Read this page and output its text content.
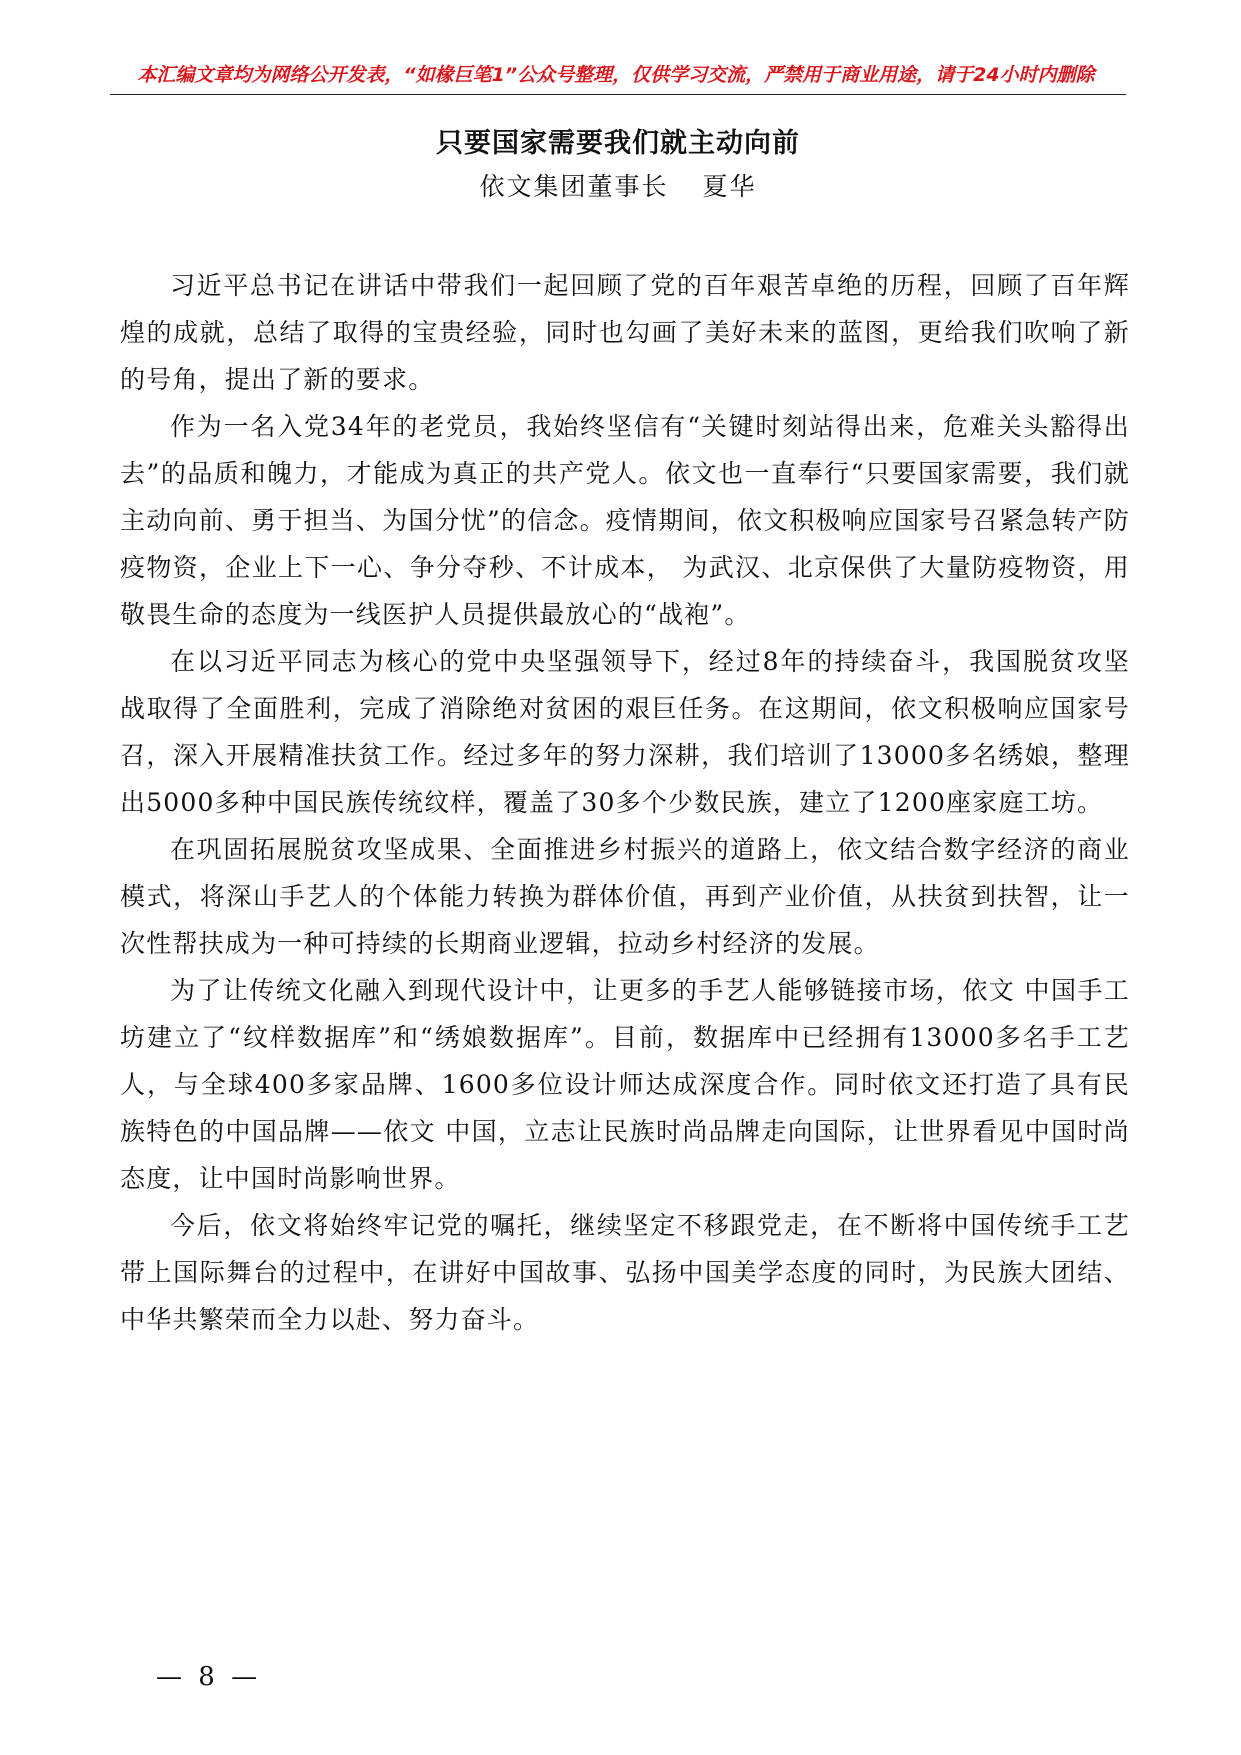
本汇编文章均为网络公开发表，“如椽巨笔1”公众号整理，仅供学习交流，严禁用于商业用途，请于24小时内删除
只要国家需要我们就主动向前
依文集团董事长 夏华

习近平总书记在讲话中带我们一起回顾了党的百年艰苦卓绝的历程，回顾了百年辉煌的成就，总结了取得的宝贵经验，同时也勾画了美好未来的蓝图，更给我们吹响了新的号角，提出了新的要求。

作为一名入党34年的老党员，我始终坚信有“关键时刻站得出来，危难关头豁得出去”的品质和魄力，才能成为真正的共产党人。依文也一直奉行“只要国家需要，我们就主动向前、勇于担当、为国分忧”的信念。疫情期间，依文积极响应国家号召紧急转产防疫物资，企业上下一心、争分夺秒、不计成本， 为武汉、北京保供了大量防疫物资，用敬畏生命的态度为一线医护人员提供最放心的“战袍”。

在以习近平同志为核心的党中央坚强领导下，经过8年的持续奋斗，我国脱贫攻坚战取得了全面胜利，完成了消除绝对贫困的艰巨任务。在这期间，依文积极响应国家号召，深入开展精准扶贫工作。经过多年的努力深耕，我们培训了13000多名绣娘，整理出5000多种中国民族传统纹样，覆盖了30多个少数民族，建立了1200座家庭工坊。

在巩固拓展脱贫攻坚成果、全面推进乡村振兴的道路上，依文结合数字经济的商业模式，将深山手艺人的个体能力转换为群体价值，再到产业价值，从扶贫到扶智，让一次性帮扶成为一种可持续的长期商业逻辑，拉动乡村经济的发展。

为了让传统文化融入到现代设计中，让更多的手艺人能够链接市场，依文 中国手工坊建立了“纹样数据库”和“绣娘数据库”。目前，数据库中已经拥有13000多名手工艺人，与全球400多家品牌、1600多位设计师达成深度合作。同时依文还打造了具有民族特色的中国品牌——依文 中国，立志让民族时尚品牌走向国际，让世界看见中国时尚态度，让中国时尚影响世界。

今后，依文将始终牢记党的嘱托，继续坚定不移跟党走，在不断将中国传统手工艺带上国际舞台的过程中，在讲好中国故事、弘扬中国美学态度的同时，为民族大团结、中华共繁荣而全力以赴、努力奋斗。

— 8 —
